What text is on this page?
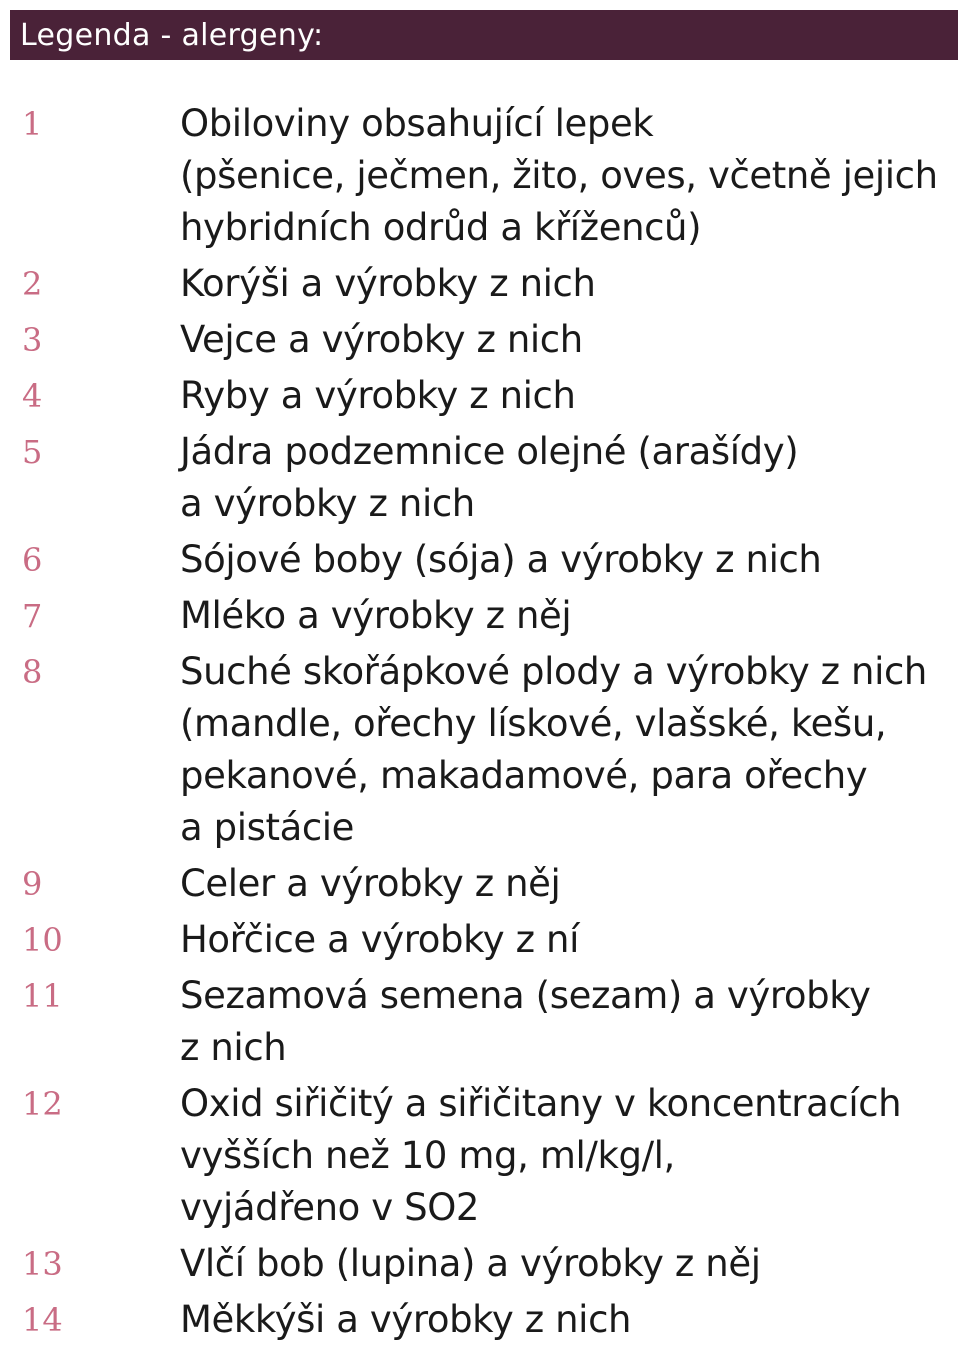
Legenda - alergeny:
1	Obiloviny obsahující lepek
(pšenice, ječmen, žito, oves, včetně jejich
hybridních odrůd a kříženců)
2	Korýši a výrobky z nich
3	Vejce a výrobky z nich
4	Ryby a výrobky z nich
5	Jádra podzemnice olejné (arašídy)
a výrobky z nich
6	Sójové boby (sója) a výrobky z nich
7	Mléko a výrobky z něj
8	Suché skořápkové plody a výrobky z nich
(mandle, ořechy lískové, vlašské, kešu,
pekanové, makadamové, para ořechy
a pistácie
9	Celer a výrobky z něj
10	Hořčice a výrobky z ní
11	Sezamová semena (sezam) a výrobky
z nich
12	Oxid siřičitý a siřičitany v koncentracích
vyšších než 10 mg, ml/kg/l,
vyjádřeno v SO2
13	Vlčí bob (lupina) a výrobky z něj
14	Měkkýši a výrobky z nich
